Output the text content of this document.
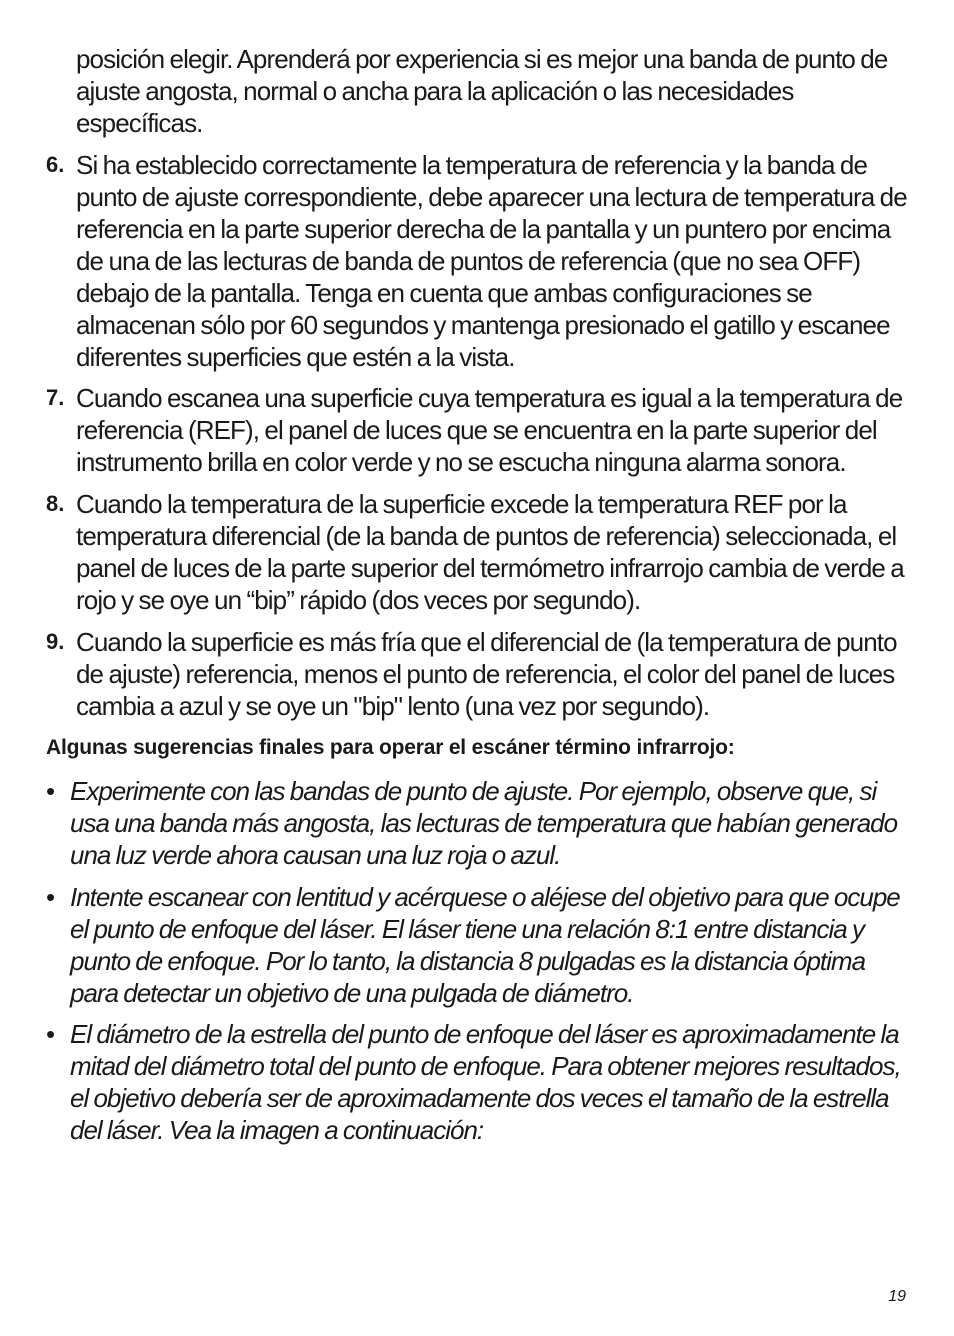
posición elegir. Aprenderá por experiencia si es mejor una banda de punto de ajuste angosta, normal o ancha para la aplicación o las necesidades específicas.
6. Si ha establecido correctamente la temperatura de referencia y la banda de punto de ajuste correspondiente, debe aparecer una lectura de temperatura de referencia en la parte superior derecha de la pantalla y un puntero por encima de una de las lecturas de banda de puntos de referencia (que no sea OFF) debajo de la pantalla. Tenga en cuenta que ambas configuraciones se almacenan sólo por 60 segundos y mantenga presionado el gatillo y escanee diferentes superficies que estén a la vista.
7. Cuando escanea una superficie cuya temperatura es igual a la temperatura de referencia (REF), el panel de luces que se encuentra en la parte superior del instrumento brilla en color verde y no se escucha ninguna alarma sonora.
8. Cuando la temperatura de la superficie excede la temperatura REF por la temperatura diferencial (de la banda de puntos de referencia) seleccionada, el panel de luces de la parte superior del termómetro infrarrojo cambia de verde a rojo y se oye un “bip” rápido (dos veces por segundo).
9. Cuando la superficie es más fría que el diferencial de (la temperatura de punto de ajuste) referencia, menos el punto de referencia, el color del panel de luces cambia a azul y se oye un "bip" lento (una vez por segundo).
Algunas sugerencias finales para operar el escáner término infrarrojo:
• Experimente con las bandas de punto de ajuste. Por ejemplo, observe que, si usa una banda más angosta, las lecturas de temperatura que habían generado una luz verde ahora causan una luz roja o azul.
• Intente escanear con lentitud y acérquese o aléjese del objetivo para que ocupe el punto de enfoque del láser. El láser tiene una relación 8:1 entre distancia y punto de enfoque. Por lo tanto, la distancia 8 pulgadas es la distancia óptima para detectar un objetivo de una pulgada de diámetro.
• El diámetro de la estrella del punto de enfoque del láser es aproximadamente la mitad del diámetro total del punto de enfoque. Para obtener mejores resultados, el objetivo debería ser de aproximadamente dos veces el tamaño de la estrella del láser. Vea la imagen a continuación:
19
